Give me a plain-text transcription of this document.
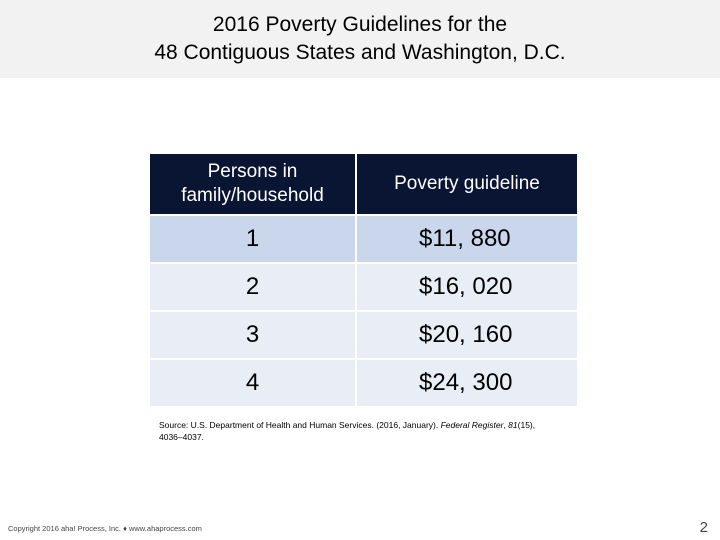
2016 Poverty Guidelines for the
48 Contiguous States and Washington, D.C.
Persons in
family/household	Poverty guideline
1	$11, 880
2	$16, 020
3	$20, 160
4	$24, 300
Source: U.S. Department of Health and Human Services. (2016, January). Federal Register, 81(15), 4036–4037.
Copyright 2016 aha! Process, Inc. ♦ www.ahaprocess.com	2
